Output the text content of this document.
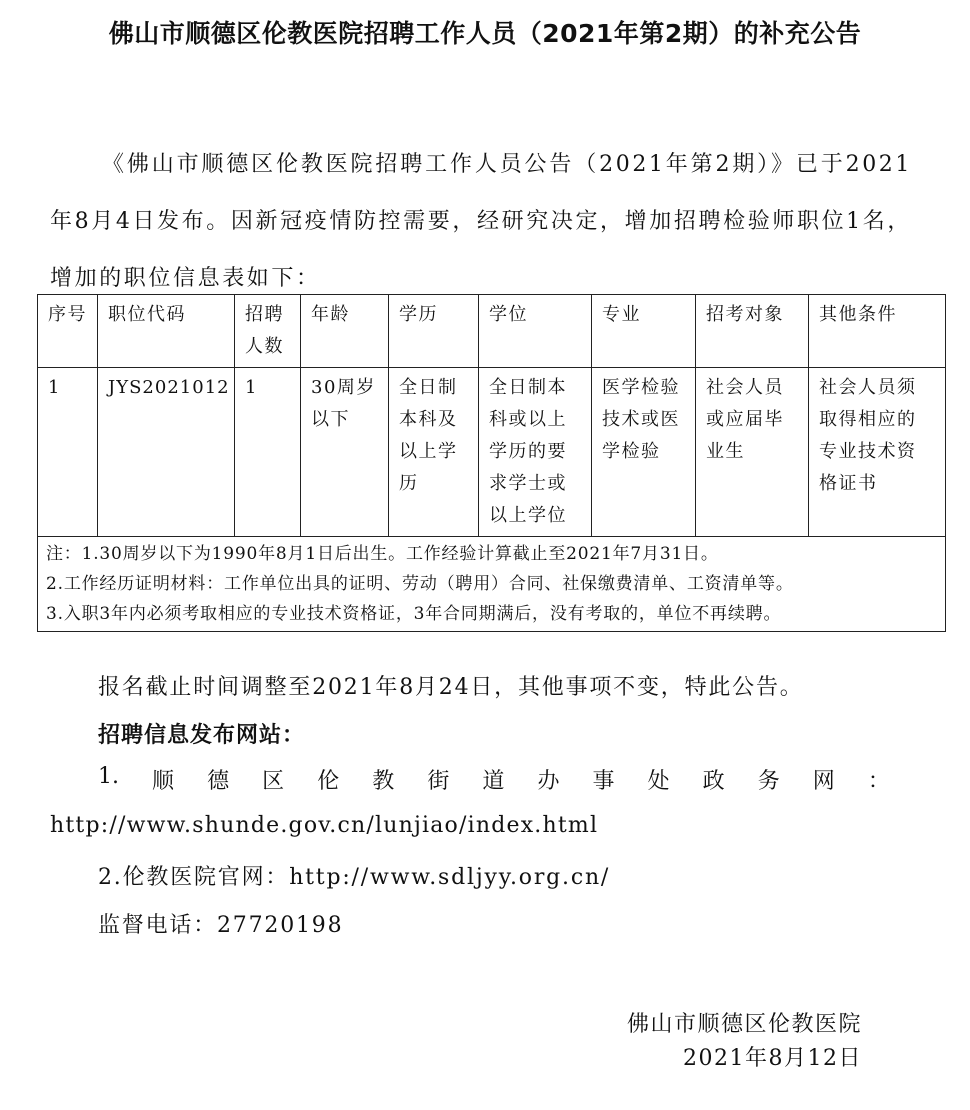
佛山市顺德区伦教医院招聘工作人员（2021年第2期）的补充公告

《佛山市顺德区伦教医院招聘工作人员公告（2021年第2期）》已于2021年8月4日发布。因新冠疫情防控需要，经研究决定，增加招聘检验师职位1名，增加的职位信息表如下：

序号	职位代码	招聘人数	年龄	学历	学位	专业	招考对象	其他条件
1	JYS2021012	1	30周岁以下	全日制本科及以上学历	全日制本科或以上学历的要求学士或以上学位	医学检验技术或医学检验	社会人员或应届毕业生	社会人员须取得相应的专业技术资格证书

注：1.30周岁以下为1990年8月1日后出生。工作经验计算截止至2021年7月31日。
2.工作经历证明材料：工作单位出具的证明、劳动（聘用）合同、社保缴费清单、工资清单等。
3.入职3年内必须考取相应的专业技术资格证，3年合同期满后，没有考取的，单位不再续聘。								
报名截止时间调整至2021年8月24日，其他事项不变，特此公告。
招聘信息发布网站：
1. 顺 德 区 伦 教 街 道 办 事 处 政 务 网 ：
http://www.shunde.gov.cn/lunjiao/index.html
2.伦教医院官网：http://www.sdljyy.org.cn/
监督电话：27720198
佛山市顺德区伦教医院
2021年8月12日
